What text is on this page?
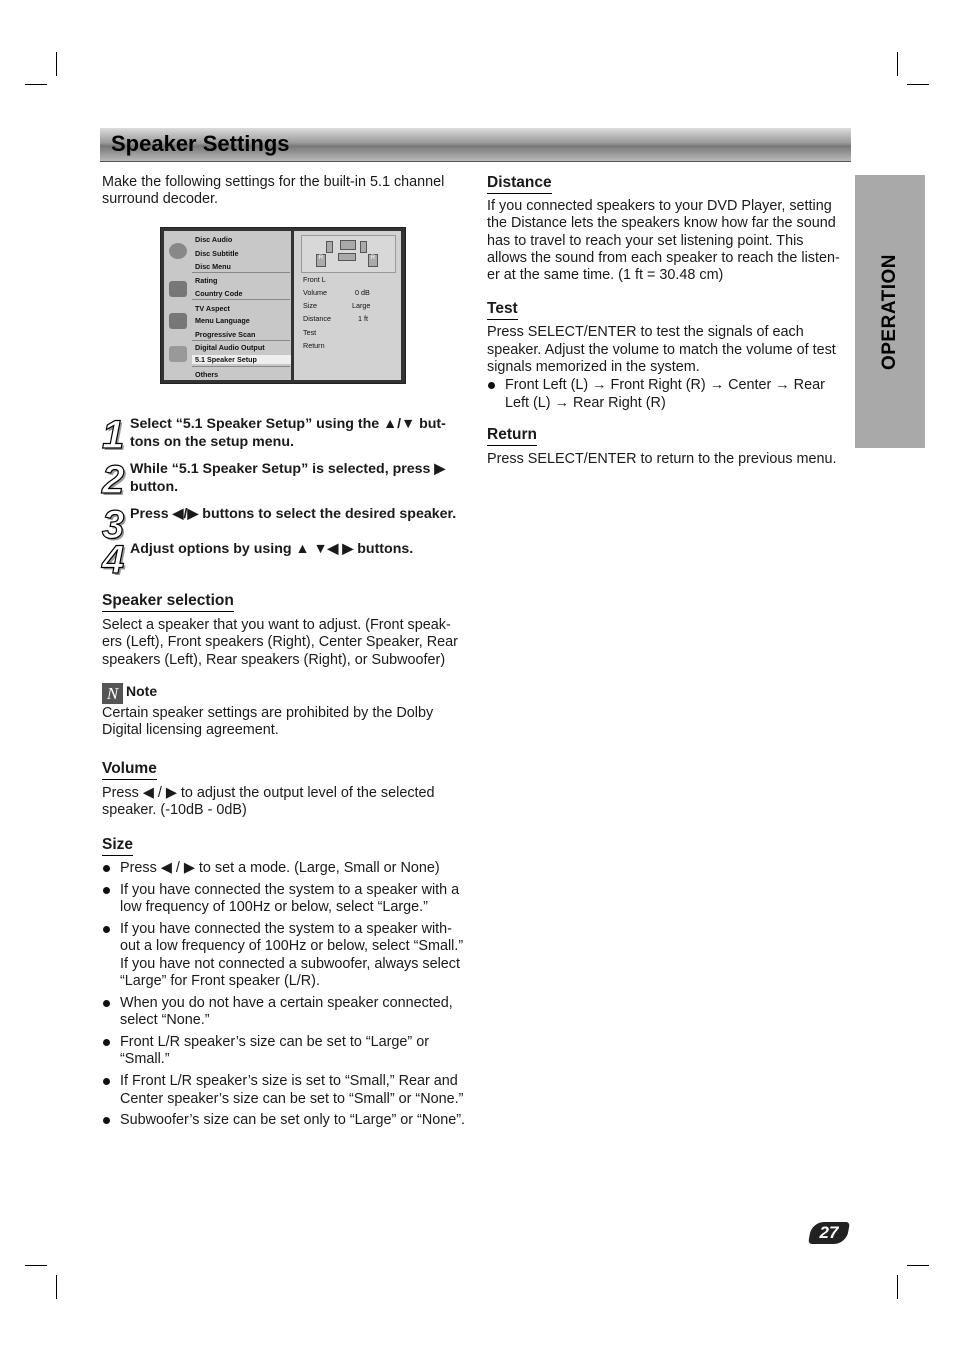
Speaker Settings
OPERATION

Make the following settings for the built-in 5.1 channel surround decoder.

Disc Audio
Disc Subtitle
Disc Menu
Rating
Country Code
TV Aspect
Menu Language
Progressive Scan
Digital Audio Output
5.1 Speaker Setup
Others
R	R
Front L
Volume	0 dB
Size	Large
Distance	1 ft
Test
Return
1 Select “5.1 Speaker Setup” using the ▲/▼ but-tons on the setup menu.
2 While “5.1 Speaker Setup” is selected, press ▶ button.
3 Press ◀/▶ buttons to select the desired speaker.
4 Adjust options by using ▲ ▼◀ ▶ buttons.
Speaker selection

Select a speaker that you want to adjust. (Front speak-ers (Left), Front speakers (Right), Center Speaker, Rear speakers (Left), Rear speakers (Right), or Subwoofer)

N Note

Certain speaker settings are prohibited by the Dolby Digital licensing agreement.

Volume

Press ◀ / ▶ to adjust the output level of the selected speaker. (-10dB - 0dB)

Size
Press ◀ / ▶ to set a mode. (Large, Small or None)
If you have connected the system to a speaker with a low frequency of 100Hz or below, select “Large.”
If you have connected the system to a speaker with-out a low frequency of 100Hz or below, select “Small.” If you have not connected a subwoofer, always select “Large” for Front speaker (L/R).
When you do not have a certain speaker connected, select “None.”
Front L/R speaker’s size can be set to “Large” or “Small.”
If Front L/R speaker’s size is set to “Small,” Rear and Center speaker’s size can be set to “Small” or “None.”
Subwoofer’s size can be set only to “Large” or “None”.
Distance

If you connected speakers to your DVD Player, setting the Distance lets the speakers know how far the sound has to travel to reach your set listening point. This allows the sound from each speaker to reach the listen-er at the same time. (1 ft = 30.48 cm)

Test

Press SELECT/ENTER to test the signals of each speaker. Adjust the volume to match the volume of test signals memorized in the system.

Front Left (L) → Front Right (R) → Center → Rear Left (L) → Rear Right (R)
Return

Press SELECT/ENTER to return to the previous menu.

27
